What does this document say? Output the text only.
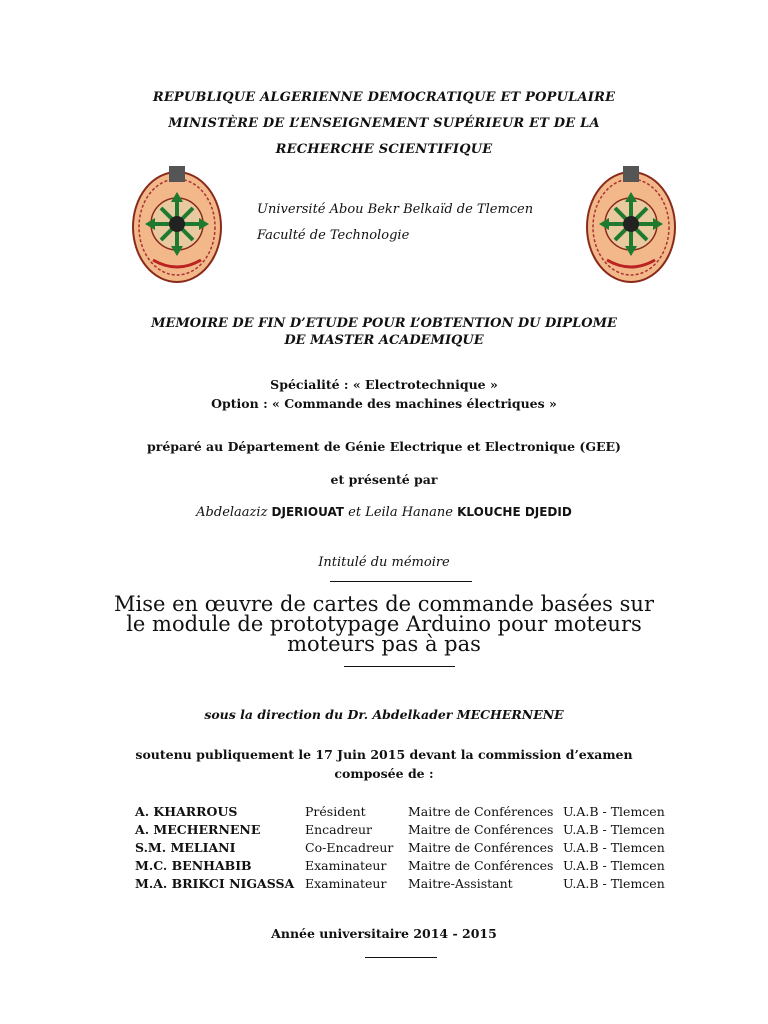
REPUBLIQUE ALGERIENNE DEMOCRATIQUE ET POPULAIRE
MINISTÈRE DE L’ENSEIGNEMENT SUPÉRIEUR ET DE LA
RECHERCHE SCIENTIFIQUE
Université Abou Bekr Belkaïd de Tlemcen
Faculté de Technologie
MEMOIRE DE FIN D’ETUDE POUR L’OBTENTION DU DIPLOME
DE MASTER ACADEMIQUE
Spécialité : « Electrotechnique »
Option : « Commande des machines électriques »
préparé au Département de Génie Electrique et Electronique (GEE)
et présenté par
Abdelaaziz DJERIOUAT et Leila Hanane KLOUCHE DJEDID
Intitulé du mémoire
Mise en œuvre de cartes de commande basées sur
le module de prototypage Arduino pour moteurs
moteurs pas à pas
sous la direction du Dr. Abdelkader MECHERNENE
soutenu publiquement le 17 Juin 2015 devant la commission d’examen
composée de :
A. KHARROUS	Président	Maitre de Conférences	U.A.B - Tlemcen
A. MECHERNENE	Encadreur	Maitre de Conférences	U.A.B - Tlemcen
S.M. MELIANI	Co-Encadreur	Maitre de Conférences	U.A.B - Tlemcen
M.C. BENHABIB	Examinateur	Maitre de Conférences	U.A.B - Tlemcen
M.A. BRIKCI NIGASSA	Examinateur	Maitre-Assistant	U.A.B - Tlemcen
Année universitaire 2014 - 2015
